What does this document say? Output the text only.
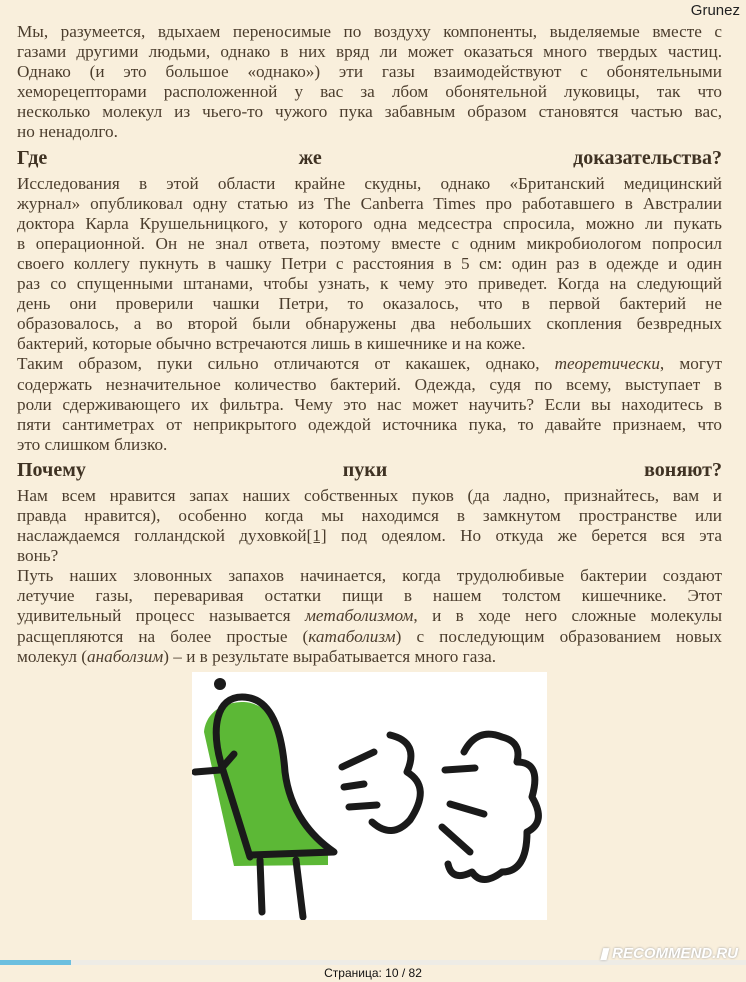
Grunez
Мы, разумеется, вдыхаем переносимые по воздуху компоненты, выделяемые вместе с
газами другими людьми, однако в них вряд ли может оказаться много твердых частиц.
Однако (и это большое «однако») эти газы взаимодействуют с обонятельными
хеморецепторами расположенной у вас за лбом обонятельной луковицы, так что
несколько молекул из чьего-то чужого пука забавным образом становятся частью вас,
но ненадолго.
Где же доказательства?
Исследования в этой области крайне скудны, однако «Британский медицинский
журнал» опубликовал одну статью из The Canberra Times про работавшего в Австралии
доктора Карла Крушельницкого, у которого одна медсестра спросила, можно ли пукать
в операционной. Он не знал ответа, поэтому вместе с одним микробиологом попросил
своего коллегу пукнуть в чашку Петри с расстояния в 5 см: один раз в одежде и один
раз со спущенными штанами, чтобы узнать, к чему это приведет. Когда на следующий
день они проверили чашки Петри, то оказалось, что в первой бактерий не
образовалось, а во второй были обнаружены два небольших скопления безвредных
бактерий, которые обычно встречаются лишь в кишечнике и на коже.
Таким образом, пуки сильно отличаются от какашек, однако, теоретически, могут
содержать незначительное количество бактерий. Одежда, судя по всему, выступает в
роли сдерживающего их фильтра. Чему это нас может научить? Если вы находитесь в
пяти сантиметрах от неприкрытого одеждой источника пука, то давайте признаем, что
это слишком близко.
Почему пуки воняют?
Нам всем нравится запах наших собственных пуков (да ладно, признайтесь, вам и
правда нравится), особенно когда мы находимся в замкнутом пространстве или
наслаждаемся голландской духовкой[1] под одеялом. Но откуда же берется вся эта
вонь?
Путь наших зловонных запахов начинается, когда трудолюбивые бактерии создают
летучие газы, переваривая остатки пищи в нашем толстом кишечнике. Этот
удивительный процесс называется метаболизмом, и в ходе него сложные молекулы
расщепляются на более простые (катаболизм) с последующим образованием новых
молекул (анаболзим) – и в результате вырабатывается много газа.
Страница: 10 / 82
▮ RECOMMEND.RU
